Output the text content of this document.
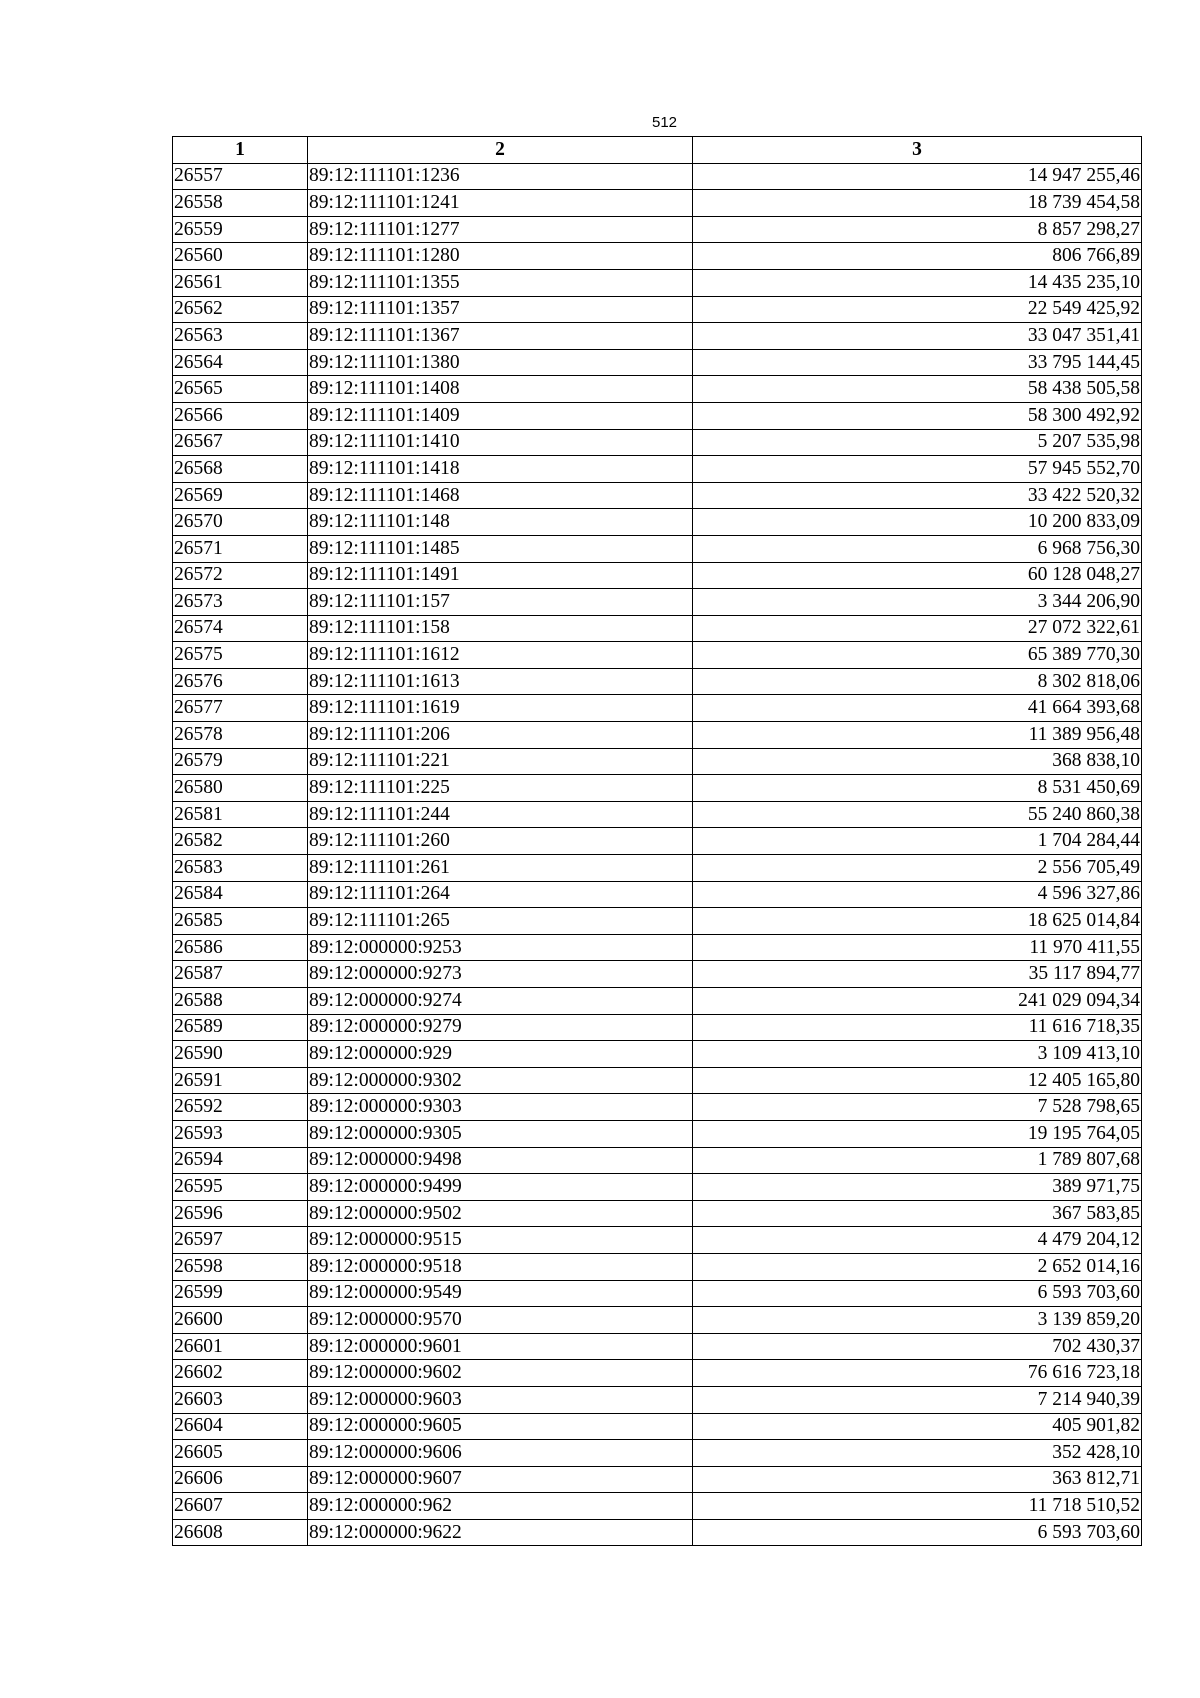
512
1	2	3
26557	89:12:111101:1236	14 947 255,46
26558	89:12:111101:1241	18 739 454,58
26559	89:12:111101:1277	8 857 298,27
26560	89:12:111101:1280	806 766,89
26561	89:12:111101:1355	14 435 235,10
26562	89:12:111101:1357	22 549 425,92
26563	89:12:111101:1367	33 047 351,41
26564	89:12:111101:1380	33 795 144,45
26565	89:12:111101:1408	58 438 505,58
26566	89:12:111101:1409	58 300 492,92
26567	89:12:111101:1410	5 207 535,98
26568	89:12:111101:1418	57 945 552,70
26569	89:12:111101:1468	33 422 520,32
26570	89:12:111101:148	10 200 833,09
26571	89:12:111101:1485	6 968 756,30
26572	89:12:111101:1491	60 128 048,27
26573	89:12:111101:157	3 344 206,90
26574	89:12:111101:158	27 072 322,61
26575	89:12:111101:1612	65 389 770,30
26576	89:12:111101:1613	8 302 818,06
26577	89:12:111101:1619	41 664 393,68
26578	89:12:111101:206	11 389 956,48
26579	89:12:111101:221	368 838,10
26580	89:12:111101:225	8 531 450,69
26581	89:12:111101:244	55 240 860,38
26582	89:12:111101:260	1 704 284,44
26583	89:12:111101:261	2 556 705,49
26584	89:12:111101:264	4 596 327,86
26585	89:12:111101:265	18 625 014,84
26586	89:12:000000:9253	11 970 411,55
26587	89:12:000000:9273	35 117 894,77
26588	89:12:000000:9274	241 029 094,34
26589	89:12:000000:9279	11 616 718,35
26590	89:12:000000:929	3 109 413,10
26591	89:12:000000:9302	12 405 165,80
26592	89:12:000000:9303	7 528 798,65
26593	89:12:000000:9305	19 195 764,05
26594	89:12:000000:9498	1 789 807,68
26595	89:12:000000:9499	389 971,75
26596	89:12:000000:9502	367 583,85
26597	89:12:000000:9515	4 479 204,12
26598	89:12:000000:9518	2 652 014,16
26599	89:12:000000:9549	6 593 703,60
26600	89:12:000000:9570	3 139 859,20
26601	89:12:000000:9601	702 430,37
26602	89:12:000000:9602	76 616 723,18
26603	89:12:000000:9603	7 214 940,39
26604	89:12:000000:9605	405 901,82
26605	89:12:000000:9606	352 428,10
26606	89:12:000000:9607	363 812,71
26607	89:12:000000:962	11 718 510,52
26608	89:12:000000:9622	6 593 703,60
